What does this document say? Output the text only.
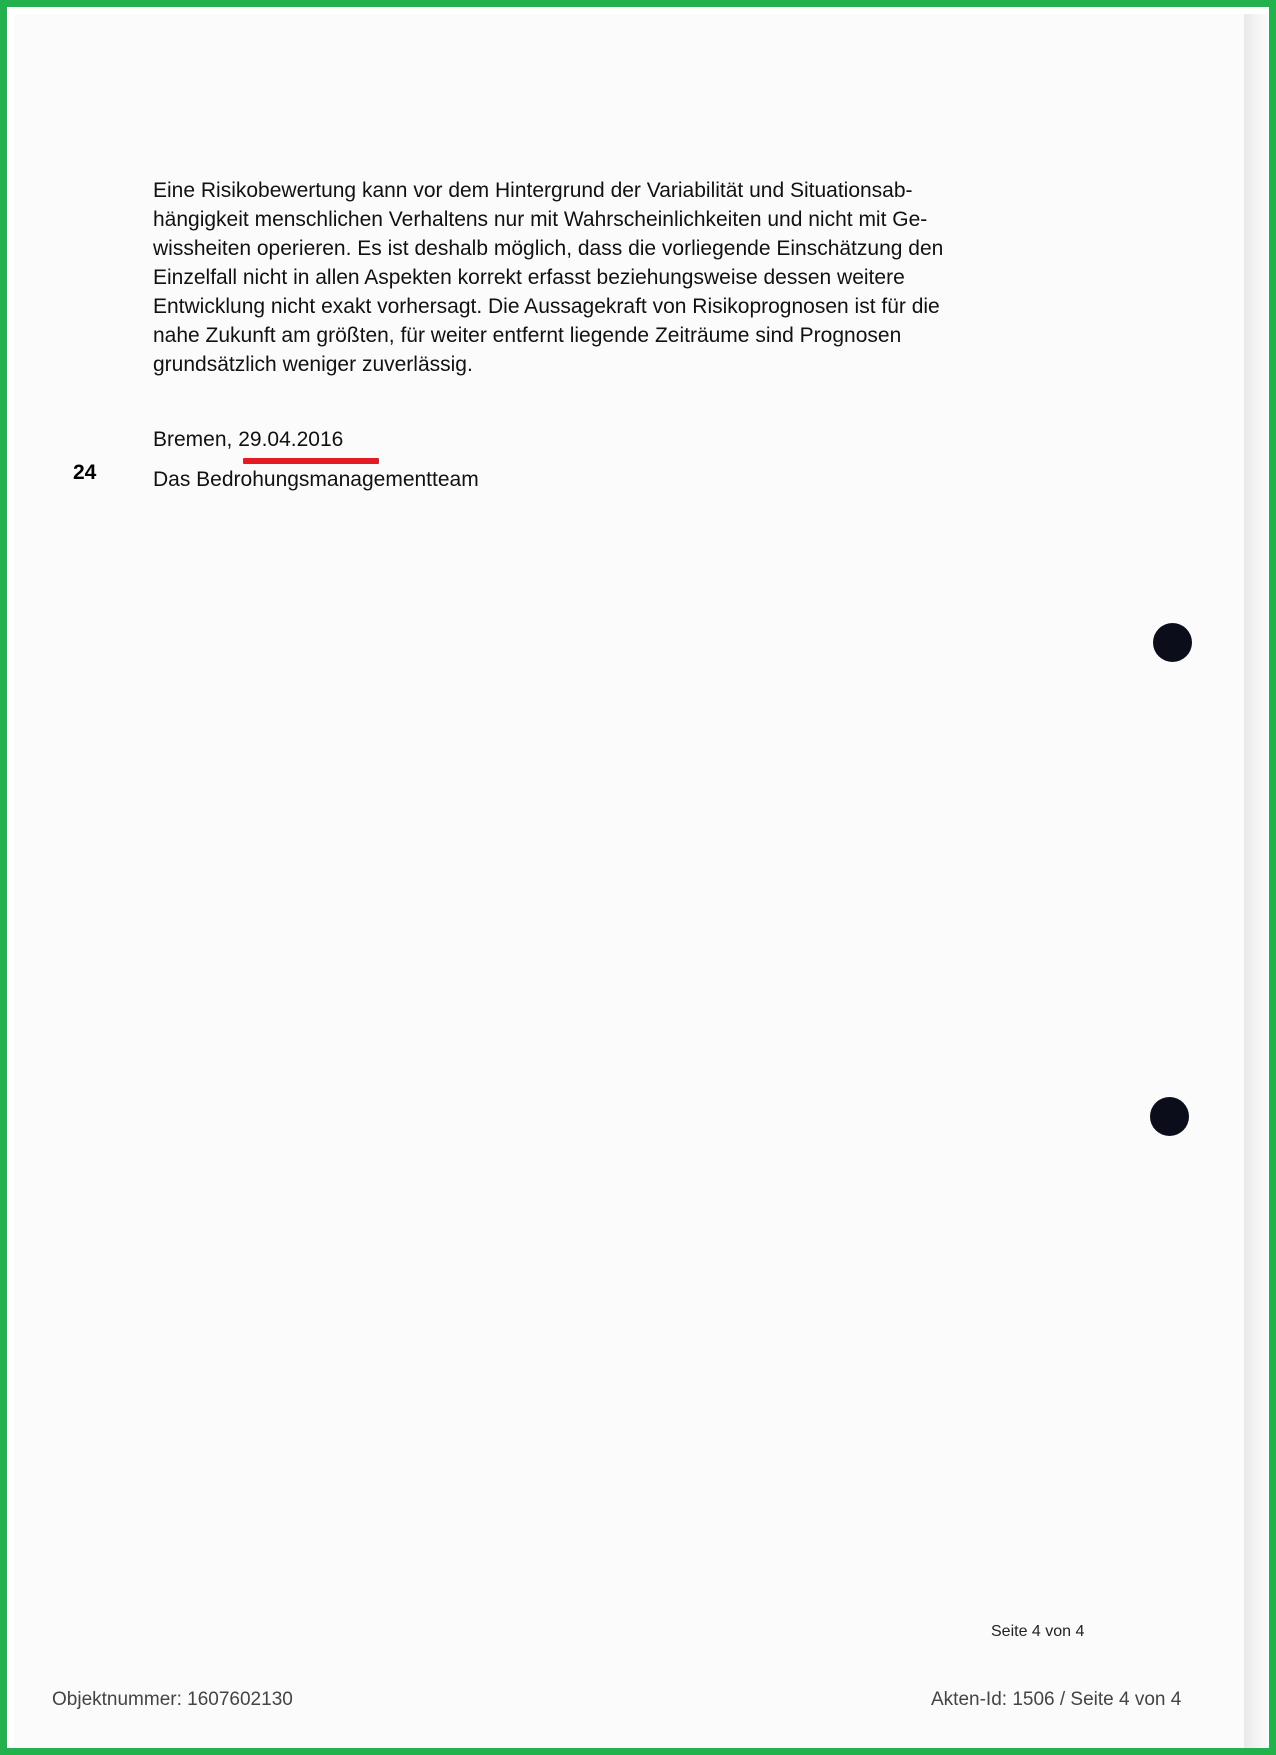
24

Eine Risikobewertung kann vor dem Hintergrund der Variabilität und Situationsab-
hängigkeit menschlichen Verhaltens nur mit Wahrscheinlichkeiten und nicht mit Ge-
wissheiten operieren. Es ist deshalb möglich, dass die vorliegende Einschätzung den
Einzelfall nicht in allen Aspekten korrekt erfasst beziehungsweise dessen weitere
Entwicklung nicht exakt vorhersagt. Die Aussagekraft von Risikoprognosen ist für die
nahe Zukunft am größten, für weiter entfernt liegende Zeiträume sind Prognosen
grundsätzlich weniger zuverlässig.

Bremen, 29.04.2016
Das Bedrohungsmanagementteam
Seite 4 von 4
Objektnummer: 1607602130	Akten-Id: 1506 / Seite 4 von 4
